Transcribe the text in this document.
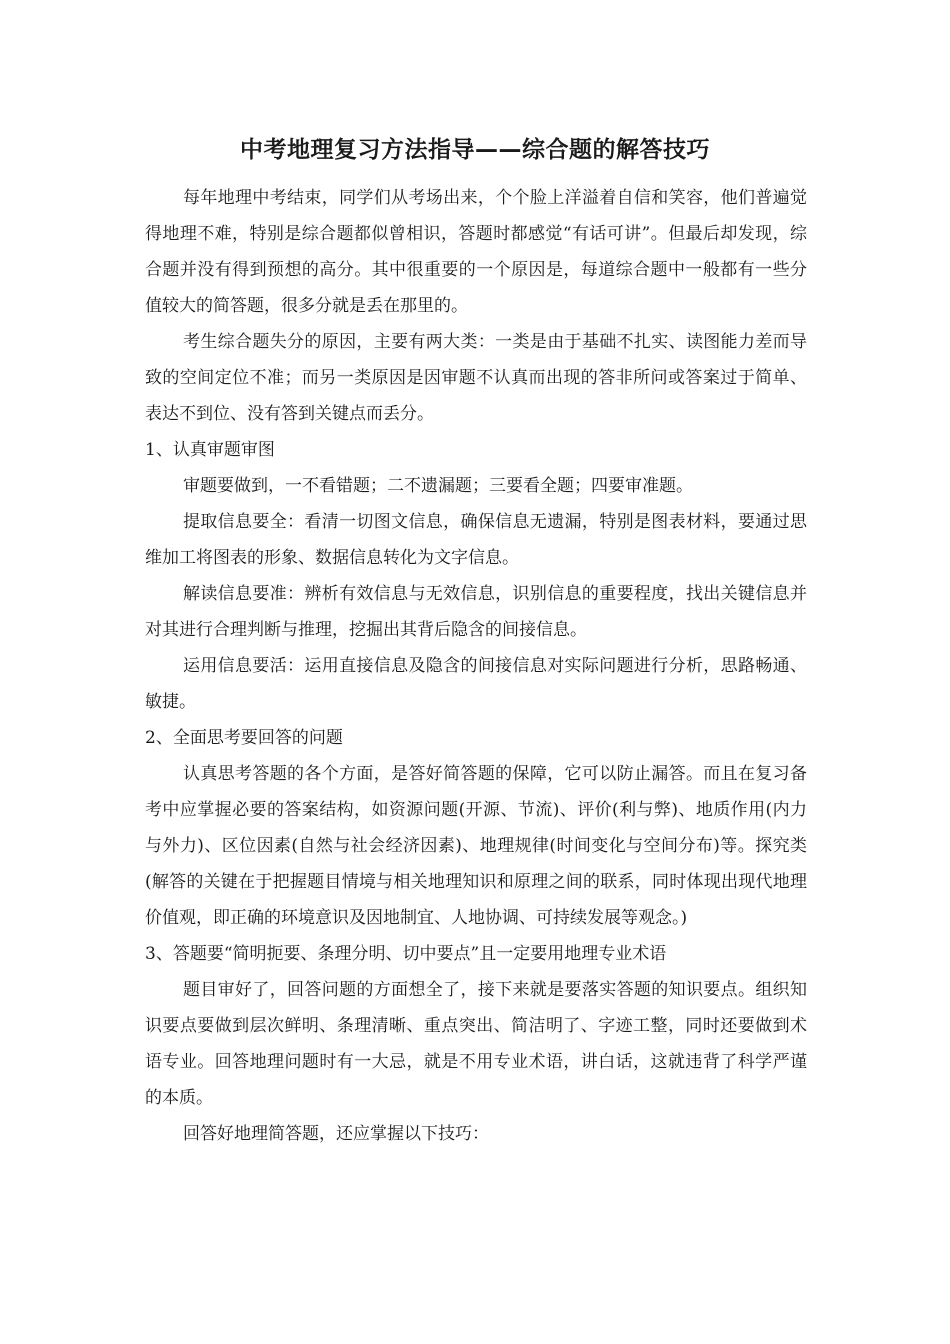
中考地理复习方法指导——综合题的解答技巧

每年地理中考结束，同学们从考场出来，个个脸上洋溢着自信和笑容，他们普遍觉得地理不难，特别是综合题都似曾相识，答题时都感觉“有话可讲”。但最后却发现，综合题并没有得到预想的高分。其中很重要的一个原因是，每道综合题中一般都有一些分值较大的简答题，很多分就是丢在那里的。

考生综合题失分的原因，主要有两大类：一类是由于基础不扎实、读图能力差而导致的空间定位不准；而另一类原因是因审题不认真而出现的答非所问或答案过于简单、表达不到位、没有答到关键点而丢分。

1、认真审题审图

审题要做到，一不看错题；二不遗漏题；三要看全题；四要审准题。

提取信息要全：看清一切图文信息，确保信息无遗漏，特别是图表材料，要通过思维加工将图表的形象、数据信息转化为文字信息。

解读信息要准：辨析有效信息与无效信息，识别信息的重要程度，找出关键信息并对其进行合理判断与推理，挖掘出其背后隐含的间接信息。

运用信息要活：运用直接信息及隐含的间接信息对实际问题进行分析，思路畅通、敏捷。

2、全面思考要回答的问题

认真思考答题的各个方面，是答好简答题的保障，它可以防止漏答。而且在复习备考中应掌握必要的答案结构，如资源问题(开源、节流)、评价(利与弊)、地质作用(内力与外力)、区位因素(自然与社会经济因素)、地理规律(时间变化与空间分布)等。探究类(解答的关键在于把握题目情境与相关地理知识和原理之间的联系，同时体现出现代地理价值观，即正确的环境意识及因地制宜、人地协调、可持续发展等观念。)

3、答题要“简明扼要、条理分明、切中要点”且一定要用地理专业术语

题目审好了，回答问题的方面想全了，接下来就是要落实答题的知识要点。组织知识要点要做到层次鲜明、条理清晰、重点突出、简洁明了、字迹工整，同时还要做到术语专业。回答地理问题时有一大忌，就是不用专业术语，讲白话，这就违背了科学严谨的本质。

回答好地理简答题，还应掌握以下技巧：
